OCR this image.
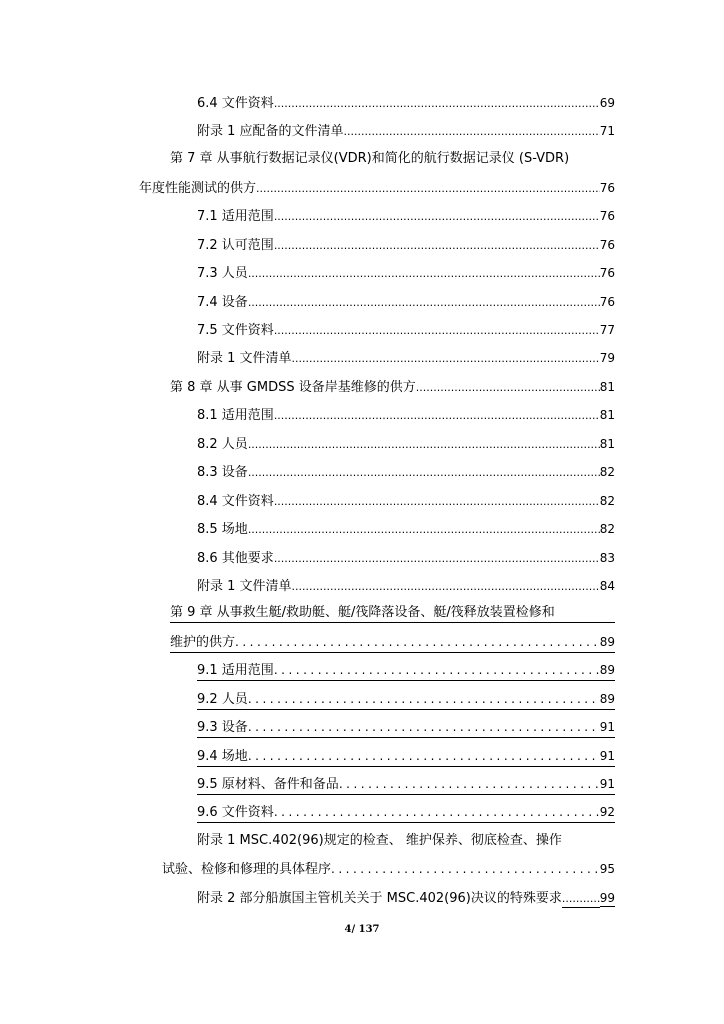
6.4 文件资料 .....	69
附录 1 应配备的文件清单 .....	71
第 7 章 从事航行数据记录仪(VDR)和简化的航行数据记录仪 (S-VDR)
年度性能测试的供方 .....	76
7.1 适用范围 .....	76
7.2 认可范围 .....	76
7.3 人员 .....	76
7.4 设备 .....	76
7.5 文件资料 .....	77
附录 1 文件清单 .....	79
第 8 章 从事 GMDSS 设备岸基维修的供方 .....	81
8.1 适用范围 .....	81
8.2 人员 .....	81
8.3 设备 .....	82
8.4 文件资料 .....	82
8.5 场地 .....	82
8.6 其他要求 .....	83
附录 1 文件清单 .....	84
第 9 章 从事救生艇/救助艇、艇/筏降落设备、艇/筏释放装置检修和
维护的供方 .....	89
9.1 适用范围 .....	89
9.2 人员 .....	89
9.3 设备 .....	91
9.4 场地 .....	91
9.5 原材料、备件和备品 .....	91
9.6 文件资料 .....	92
附录 1 MSC.402(96)规定的检查、 维护保养、彻底检查、操作
试验、检修和修理的具体程序 .....	95
附录 2 部分船旗国主管机关关于 MSC.402(96)决议的特殊要求 .....	99
4/ 137
